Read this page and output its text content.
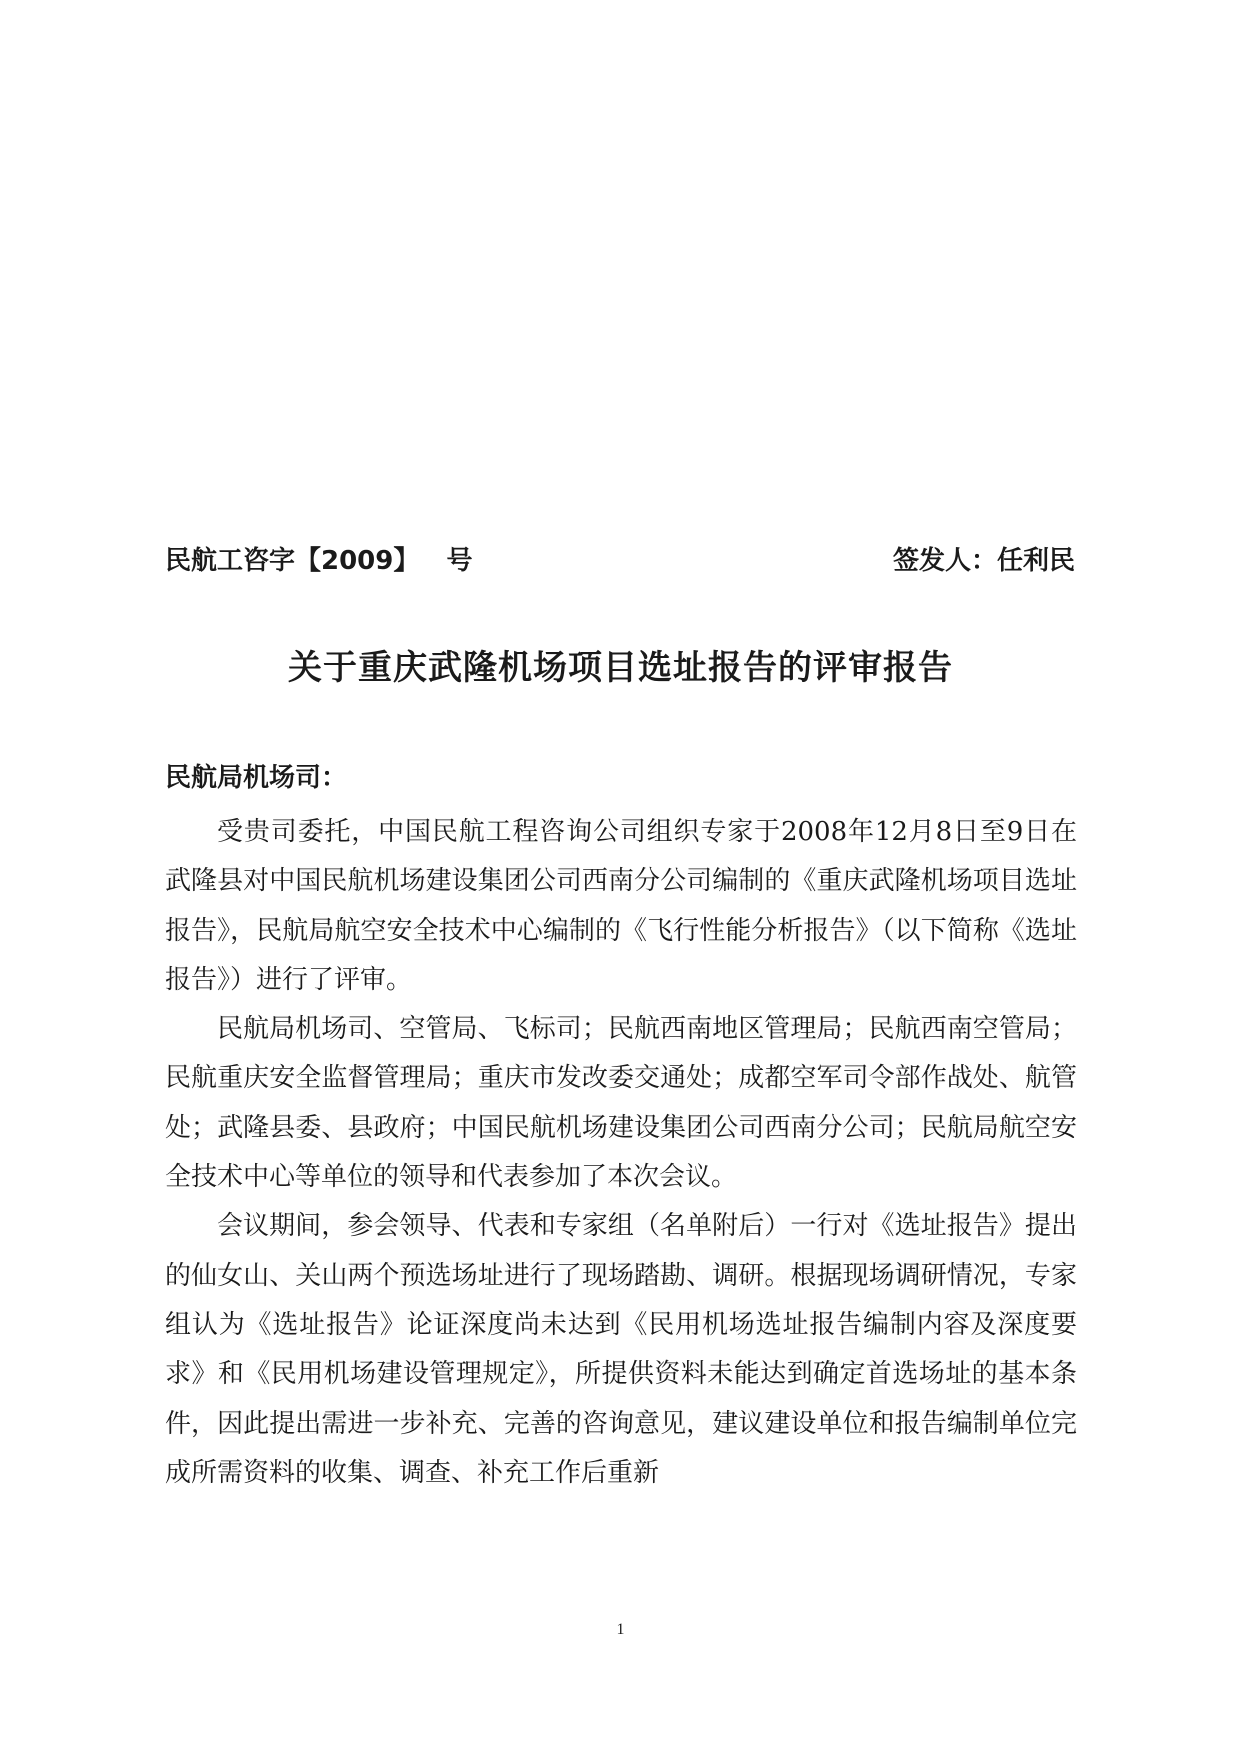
民航工咨字【2009】   号	签发人：任利民
关于重庆武隆机场项目选址报告的评审报告
民航局机场司：

受贵司委托，中国民航工程咨询公司组织专家于2008年12月8日至9日在武隆县对中国民航机场建设集团公司西南分公司编制的《重庆武隆机场项目选址报告》，民航局航空安全技术中心编制的《飞行性能分析报告》（以下简称《选址报告》）进行了评审。

民航局机场司、空管局、飞标司；民航西南地区管理局；民航西南空管局；民航重庆安全监督管理局；重庆市发改委交通处；成都空军司令部作战处、航管处；武隆县委、县政府；中国民航机场建设集团公司西南分公司；民航局航空安全技术中心等单位的领导和代表参加了本次会议。

会议期间，参会领导、代表和专家组（名单附后）一行对《选址报告》提出的仙女山、关山两个预选场址进行了现场踏勘、调研。根据现场调研情况，专家组认为《选址报告》论证深度尚未达到《民用机场选址报告编制内容及深度要求》和《民用机场建设管理规定》，所提供资料未能达到确定首选场址的基本条件，因此提出需进一步补充、完善的咨询意见，建议建设单位和报告编制单位完成所需资料的收集、调查、补充工作后重新

1
